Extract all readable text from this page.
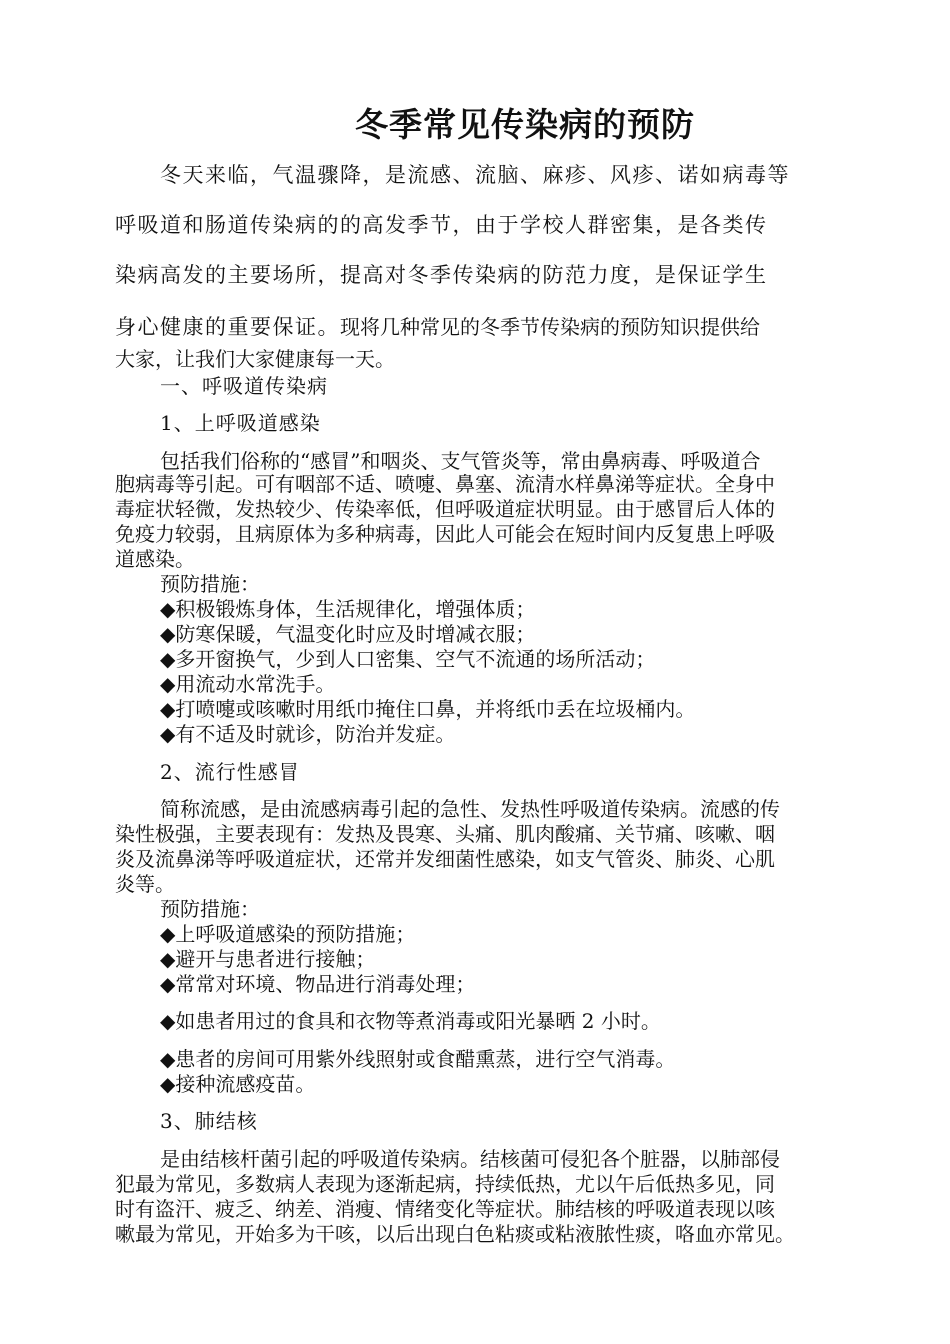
冬季常见传染病的预防
冬天来临，气温骤降，是流感、流脑、麻疹、风疹、诺如病毒等
呼吸道和肠道传染病的的高发季节，由于学校人群密集，是各类传
染病高发的主要场所，提高对冬季传染病的防范力度，是保证学生
身心健康的重要保证。现将几种常见的冬季节传染病的预防知识提供给
大家，让我们大家健康每一天。
一、呼吸道传染病
1、上呼吸道感染
包括我们俗称的“感冒”和咽炎、支气管炎等，常由鼻病毒、呼吸道合
胞病毒等引起。可有咽部不适、喷嚏、鼻塞、流清水样鼻涕等症状。全身中
毒症状轻微，发热较少、传染率低，但呼吸道症状明显。由于感冒后人体的
免疫力较弱，且病原体为多种病毒，因此人可能会在短时间内反复患上呼吸
道感染。
预防措施：
◆积极锻炼身体，生活规律化，增强体质；
◆防寒保暖，气温变化时应及时增减衣服；
◆多开窗换气，少到人口密集、空气不流通的场所活动；
◆用流动水常洗手。
◆打喷嚏或咳嗽时用纸巾掩住口鼻，并将纸巾丢在垃圾桶内。
◆有不适及时就诊，防治并发症。
2、流行性感冒
简称流感，是由流感病毒引起的急性、发热性呼吸道传染病。流感的传
染性极强，主要表现有：发热及畏寒、头痛、肌肉酸痛、关节痛、咳嗽、咽
炎及流鼻涕等呼吸道症状，还常并发细菌性感染，如支气管炎、肺炎、心肌
炎等。
预防措施：
◆上呼吸道感染的预防措施；
◆避开与患者进行接触；
◆常常对环境、物品进行消毒处理；
◆如患者用过的食具和衣物等煮消毒或阳光暴晒 2 小时。
◆患者的房间可用紫外线照射或食醋熏蒸，进行空气消毒。
◆接种流感疫苗。
3、肺结核
是由结核杆菌引起的呼吸道传染病。结核菌可侵犯各个脏器，以肺部侵
犯最为常见，多数病人表现为逐渐起病，持续低热，尤以午后低热多见，同
时有盗汗、疲乏、纳差、消瘦、情绪变化等症状。肺结核的呼吸道表现以咳
嗽最为常见，开始多为干咳，以后出现白色粘痰或粘液脓性痰，咯血亦常见。
